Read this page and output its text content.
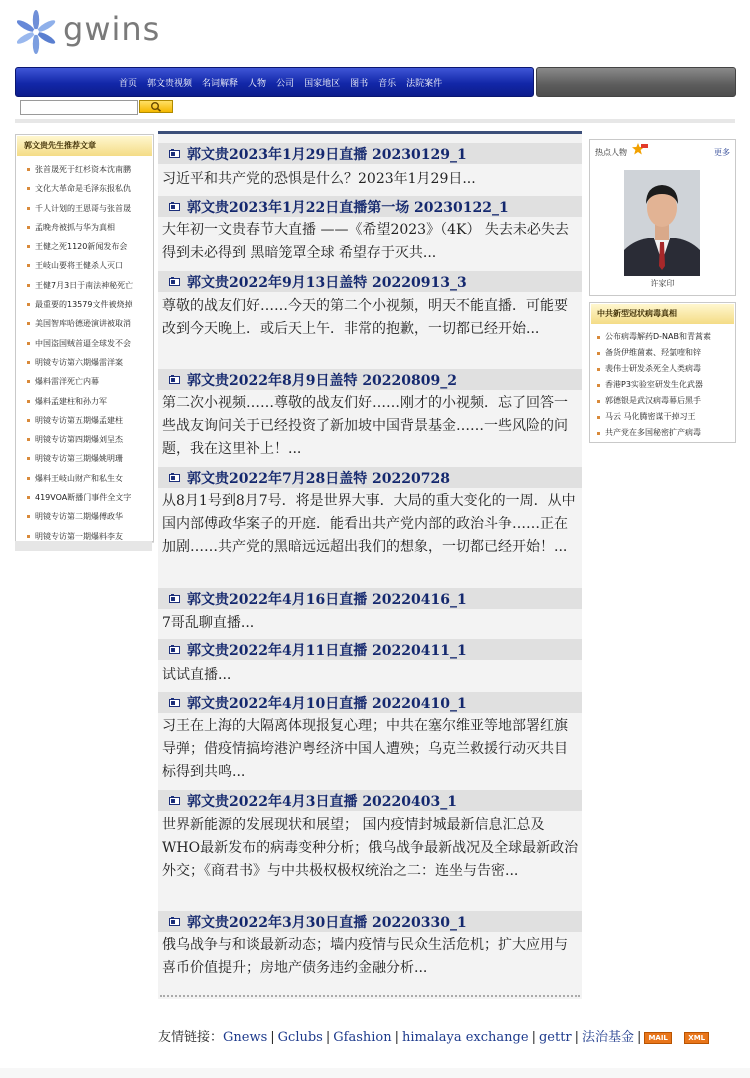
gwins
首页	郭文贵视频	名词解释	人物	公司	国家地区	图书	音乐	法院案件
郭文贵先生推荐文章
张首晟死于红杉资本沈南鹏
文化大革命是毛泽东报私仇
千人计划的王恩哥与张首晟
孟晚舟被抓与华为真相
王健之死1120新闻发布会
王岐山要将王健杀人灭口
王健7月3日于南法神秘死亡
最重要的13579文件被烧掉
美国智库哈德逊演讲被取消
中国盗国贼首逼全球发不会
明镜专访第六期爆雷洋案
爆料雷洋死亡内幕
爆料孟建柱和孙力军
明镜专访第五期爆孟建柱
明镜专访第四期爆刘呈杰
明镜专访第三期爆姚明珊
爆料王岐山财产和私生女
419VOA断播门事件全文字
明镜专访第二期爆傅政华
明镜专访第一期爆料李友
郭文贵2023年1月29日直播 20230129_1
习近平和共产党的恐惧是什么？2023年1月29日...
郭文贵2023年1月22日直播第一场 20230122_1
大年初一文贵春节大直播 ——《希望2023》（4K） 失去未必失去 得到未必得到 黑暗笼罩全球 希望存于灭共...
郭文贵2022年9月13日盖特 20220913_3
尊敬的战友们好……今天的第二个小视频，明天不能直播．可能要改到今天晚上．或后天上午．非常的抱歉，一切都已经开始...
郭文贵2022年8月9日盖特 20220809_2
第二次小视频……尊敬的战友们好……刚才的小视频．忘了回答一些战友询问关于已经投资了新加坡中国背景基金……一些风险的问题，我在这里补上！...
郭文贵2022年7月28日盖特 20220728
从8月1号到8月7号．将是世界大事．大局的重大变化的一周．从中国内部傅政华案子的开庭．能看出共产党内部的政治斗争……正在加剧……共产党的黑暗远远超出我们的想象，一切都已经开始！...
郭文贵2022年4月16日直播 20220416_1
7哥乱聊直播...
郭文贵2022年4月11日直播 20220411_1
试试直播...
郭文贵2022年4月10日直播 20220410_1
习王在上海的大隔离体现报复心理；中共在塞尔维亚等地部署红旗导弹；借疫情搞垮港沪粤经济中国人遭殃；乌克兰救援行动灭共目标得到共鸣...
郭文贵2022年4月3日直播 20220403_1
世界新能源的发展现状和展望； 国内疫情封城最新信息汇总及WHO最新发布的病毒变种分析；俄乌战争最新战况及全球最新政治外交；《商君书》与中共极权极权统治之二：连坐与告密...
郭文贵2022年3月30日直播 20220330_1
俄乌战争与和谈最新动态；墙内疫情与民众生活危机；扩大应用与喜币价值提升；房地产债务违约金融分析...
热点人物	更多
许家印
中共新型冠状病毒真相
公布病毒解药D-NAB和青蒿素
备货伊维菌素、羟氯喹和锌
裴伟士研发杀死全人类病毒
香港P3实验室研发生化武器
郭德银是武汉病毒幕后黑手
马云 马化腾密谋干掉习王
共产党在多国秘密扩产病毒
友情链接：Gnews | Gclubs | Gfashion | himalaya exchange | gettr | 法治基金 | MAIL	XML
